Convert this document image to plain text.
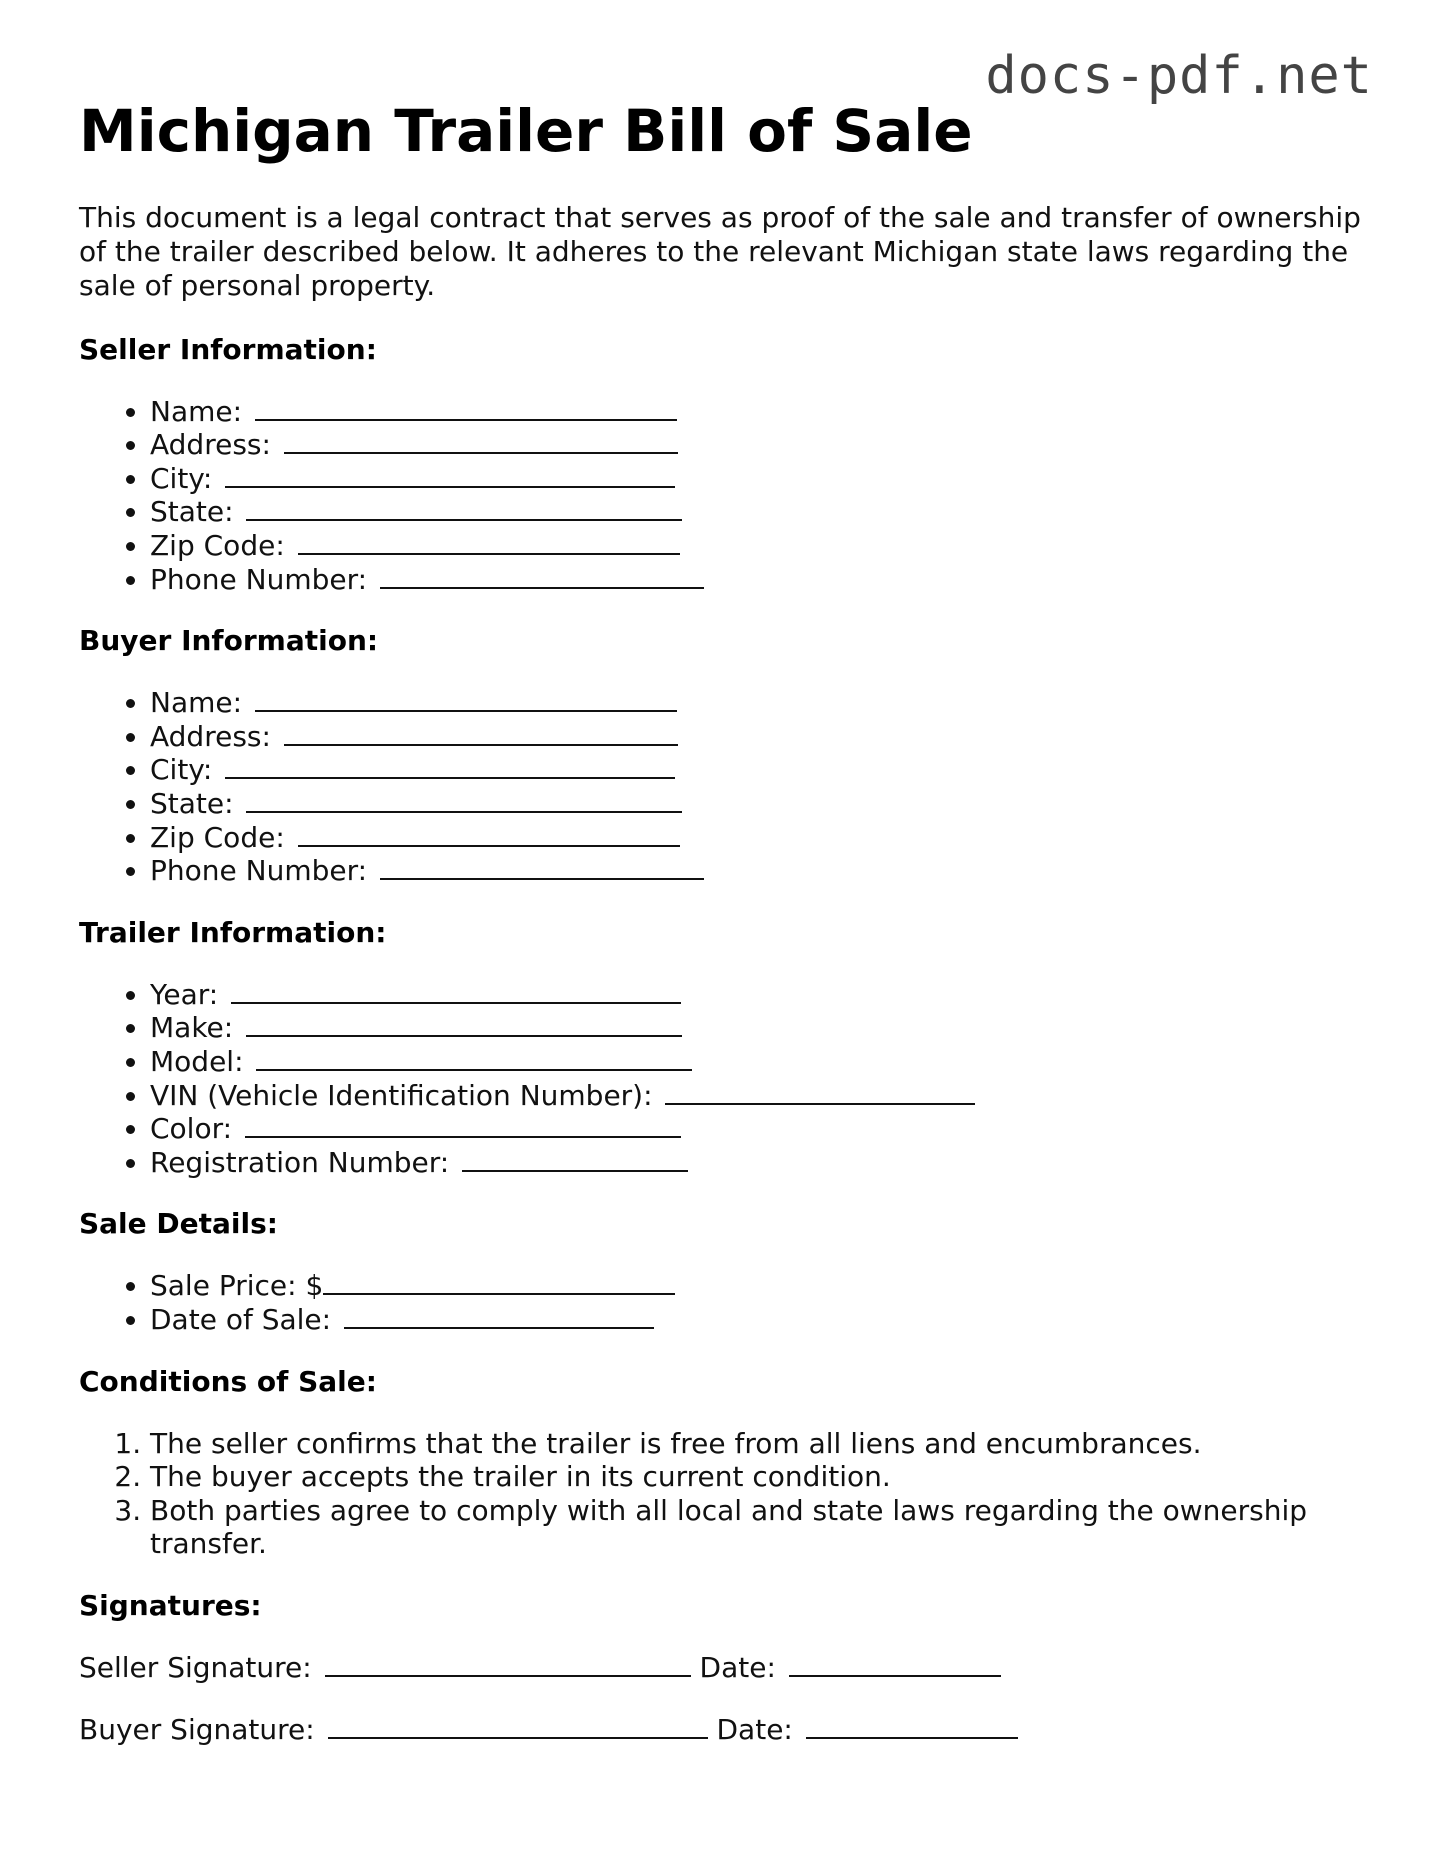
docs-pdf.net
Michigan Trailer Bill of Sale

This document is a legal contract that serves as proof of the sale and transfer of ownership of the trailer described below. It adheres to the relevant Michigan state laws regarding the sale of personal property.

Seller Information:
• Name:
• Address:
• City:
• State:
• Zip Code:
• Phone Number:
Buyer Information:
• Name:
• Address:
• City:
• State:
• Zip Code:
• Phone Number:
Trailer Information:
• Year:
• Make:
• Model:
• VIN (Vehicle Identification Number):
• Color:
• Registration Number:
Sale Details:
• Sale Price: $
• Date of Sale:
Conditions of Sale:
1. The seller confirms that the trailer is free from all liens and encumbrances.
2. The buyer accepts the trailer in its current condition.
3. Both parties agree to comply with all local and state laws regarding the ownership transfer.
Signatures:

Seller Signature:	Date:

Buyer Signature:	Date:
